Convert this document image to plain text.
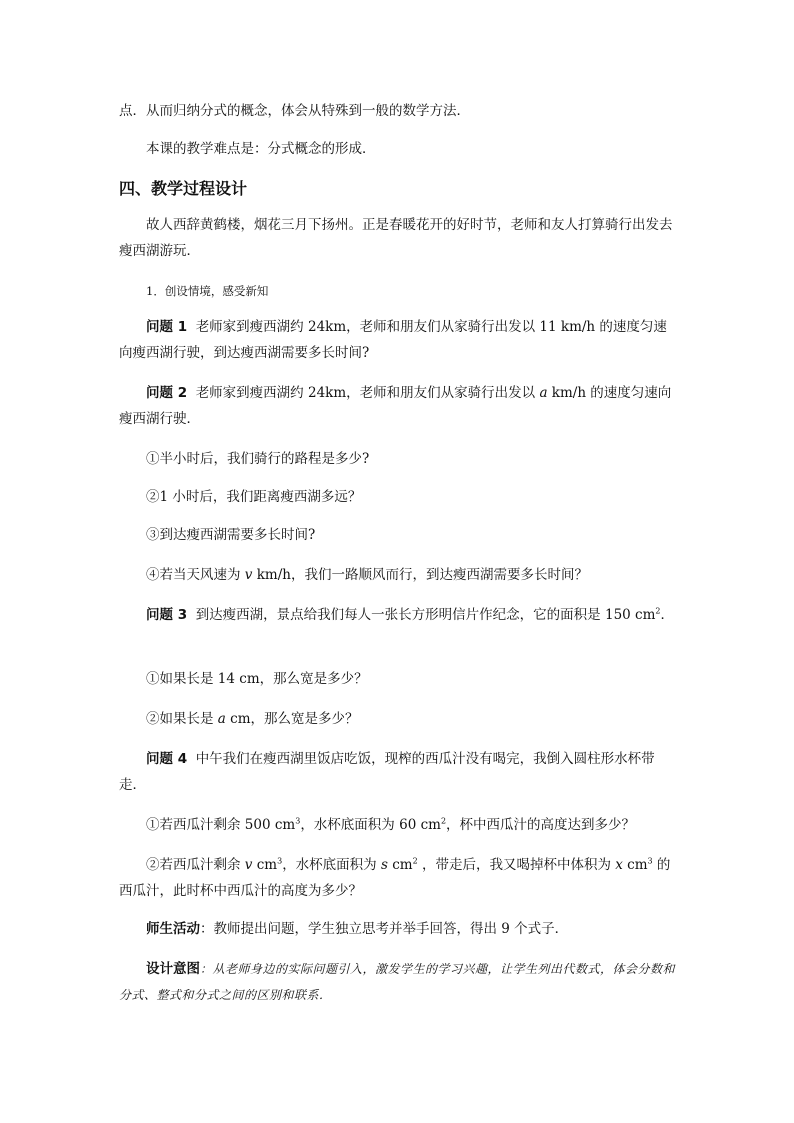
点．从而归纳分式的概念，体会从特殊到一般的数学方法．

本课的教学难点是：分式概念的形成．

四、教学过程设计

故人西辞黄鹤楼，烟花三月下扬州。正是春暖花开的好时节，老师和友人打算骑行出发去瘦西湖游玩．

1．创设情境，感受新知

问题 1 老师家到瘦西湖约 24km，老师和朋友们从家骑行出发以 11 km/h 的速度匀速向瘦西湖行驶，到达瘦西湖需要多长时间?

问题 2 老师家到瘦西湖约 24km，老师和朋友们从家骑行出发以 a km/h 的速度匀速向瘦西湖行驶．

①半小时后，我们骑行的路程是多少?

②1 小时后，我们距离瘦西湖多远？

③到达瘦西湖需要多长时间?

④若当天风速为 v km/h，我们一路顺风而行，到达瘦西湖需要多长时间？

问题 3 到达瘦西湖，景点给我们每人一张长方形明信片作纪念，它的面积是 150 $cm^2$．

①如果长是 14 cm，那么宽是多少？

②如果长是 a cm，那么宽是多少？

问题 4 中午我们在瘦西湖里饭店吃饭，现榨的西瓜汁没有喝完，我倒入圆柱形水杯带走．

①若西瓜汁剩余 500 $cm^3$，水杯底面积为 60 $cm^2$，杯中西瓜汁的高度达到多少？

②若西瓜汁剩余 v $cm^3$，水杯底面积为 s $cm^2$ ，带走后，我又喝掉杯中体积为 x $cm^3$ 的西瓜汁，此时杯中西瓜汁的高度为多少？

师生活动：教师提出问题，学生独立思考并举手回答，得出 9 个式子．

设计意图：从老师身边的实际问题引入，激发学生的学习兴趣，让学生列出代数式，体会分数和分式、整式和分式之间的区别和联系．
